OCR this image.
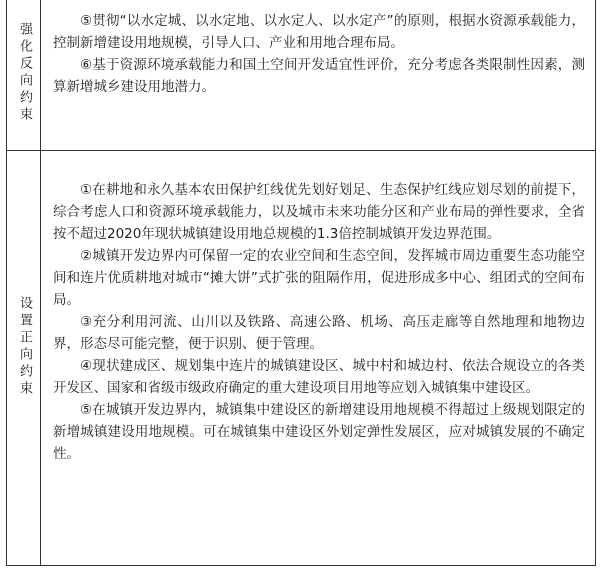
强化反向约束

⑤贯彻“以水定城、以水定地、以水定人、以水定产”的原则，根据水资源承载能力，控制新增建设用地规模，引导人口、产业和用地合理布局。

⑥基于资源环境承载能力和国土空间开发适宜性评价，充分考虑各类限制性因素，测算新增城乡建设用地潜力。

设置正向约束

①在耕地和永久基本农田保护红线优先划好划足、生态保护红线应划尽划的前提下，综合考虑人口和资源环境承载能力，以及城市未来功能分区和产业布局的弹性要求，全省按不超过2020年现状城镇建设用地总规模的1.3倍控制城镇开发边界范围。

②城镇开发边界内可保留一定的农业空间和生态空间，发挥城市周边重要生态功能空间和连片优质耕地对城市“摊大饼”式扩张的阻隔作用，促进形成多中心、组团式的空间布局。

③充分利用河流、山川以及铁路、高速公路、机场、高压走廊等自然地理和地物边界，形态尽可能完整，便于识别、便于管理。

④现状建成区、规划集中连片的城镇建设区、城中村和城边村、依法合规设立的各类开发区、国家和省级市级政府确定的重大建设项目用地等应划入城镇集中建设区。

⑤在城镇开发边界内，城镇集中建设区的新增建设用地规模不得超过上级规划限定的新增城镇建设用地规模。可在城镇集中建设区外划定弹性发展区，应对城镇发展的不确定性。
